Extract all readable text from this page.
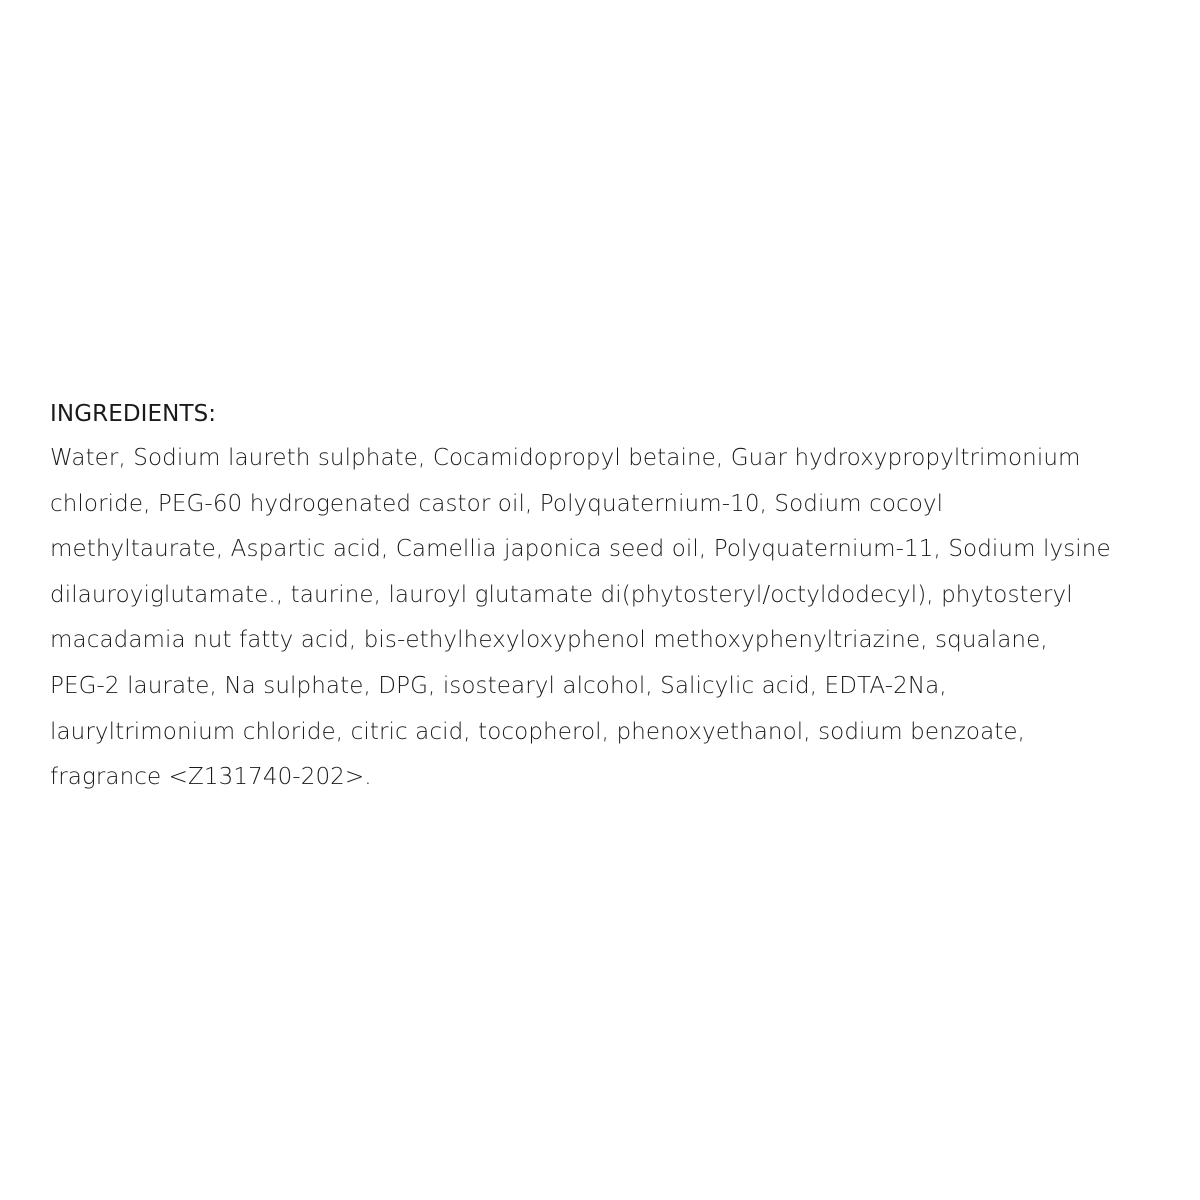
INGREDIENTS:
Water, Sodium laureth sulphate, Cocamidopropyl betaine, Guar hydroxypropyltrimonium
chloride, PEG-60 hydrogenated castor oil, Polyquaternium-10, Sodium cocoyl
methyltaurate, Aspartic acid, Camellia japonica seed oil, Polyquaternium-11, Sodium lysine
dilauroyiglutamate., taurine, lauroyl glutamate di(phytosteryl/octyldodecyl), phytosteryl
macadamia nut fatty acid, bis-ethylhexyloxyphenol methoxyphenyltriazine, squalane,
PEG-2 laurate, Na sulphate, DPG, isostearyl alcohol, Salicylic acid, EDTA-2Na,
lauryltrimonium chloride, citric acid, tocopherol, phenoxyethanol, sodium benzoate,
fragrance <Z131740-202>.
